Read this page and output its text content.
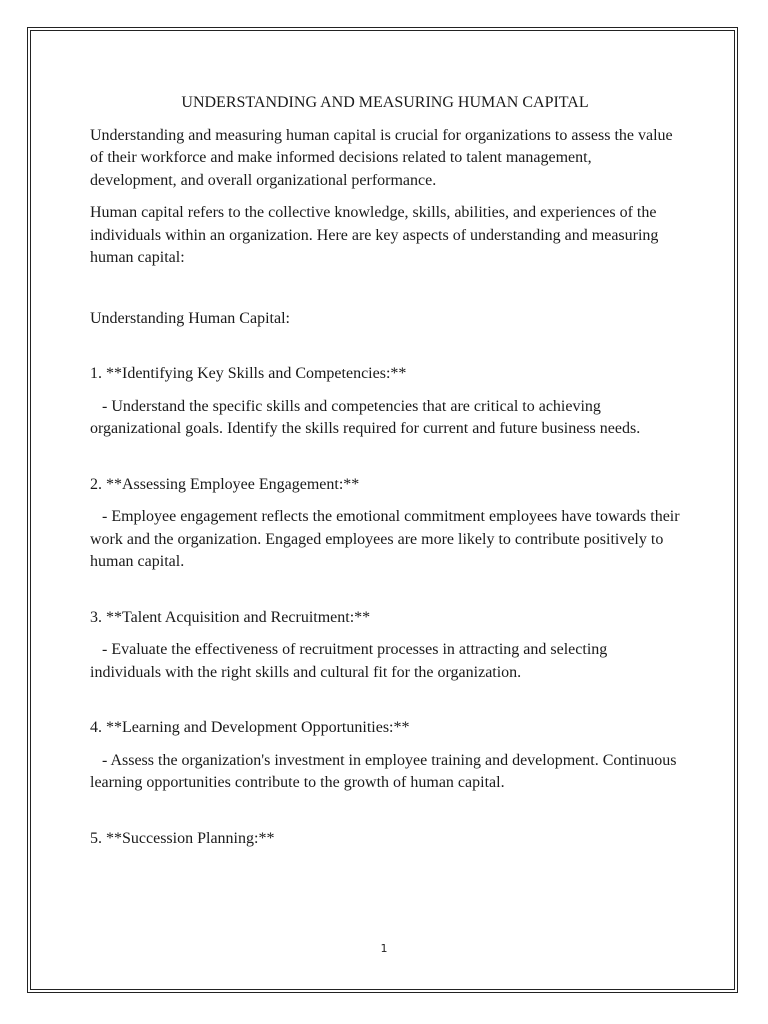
UNDERSTANDING AND MEASURING HUMAN CAPITAL

Understanding and measuring human capital is crucial for organizations to assess the value of their workforce and make informed decisions related to talent management, development, and overall organizational performance.

Human capital refers to the collective knowledge, skills, abilities, and experiences of the individuals within an organization. Here are key aspects of understanding and measuring human capital:

Understanding Human Capital:

1. **Identifying Key Skills and Competencies:**

- Understand the specific skills and competencies that are critical to achieving organizational goals. Identify the skills required for current and future business needs.

2. **Assessing Employee Engagement:**

- Employee engagement reflects the emotional commitment employees have towards their work and the organization. Engaged employees are more likely to contribute positively to human capital.

3. **Talent Acquisition and Recruitment:**

- Evaluate the effectiveness of recruitment processes in attracting and selecting individuals with the right skills and cultural fit for the organization.

4. **Learning and Development Opportunities:**

- Assess the organization's investment in employee training and development. Continuous learning opportunities contribute to the growth of human capital.

5. **Succession Planning:**

1
